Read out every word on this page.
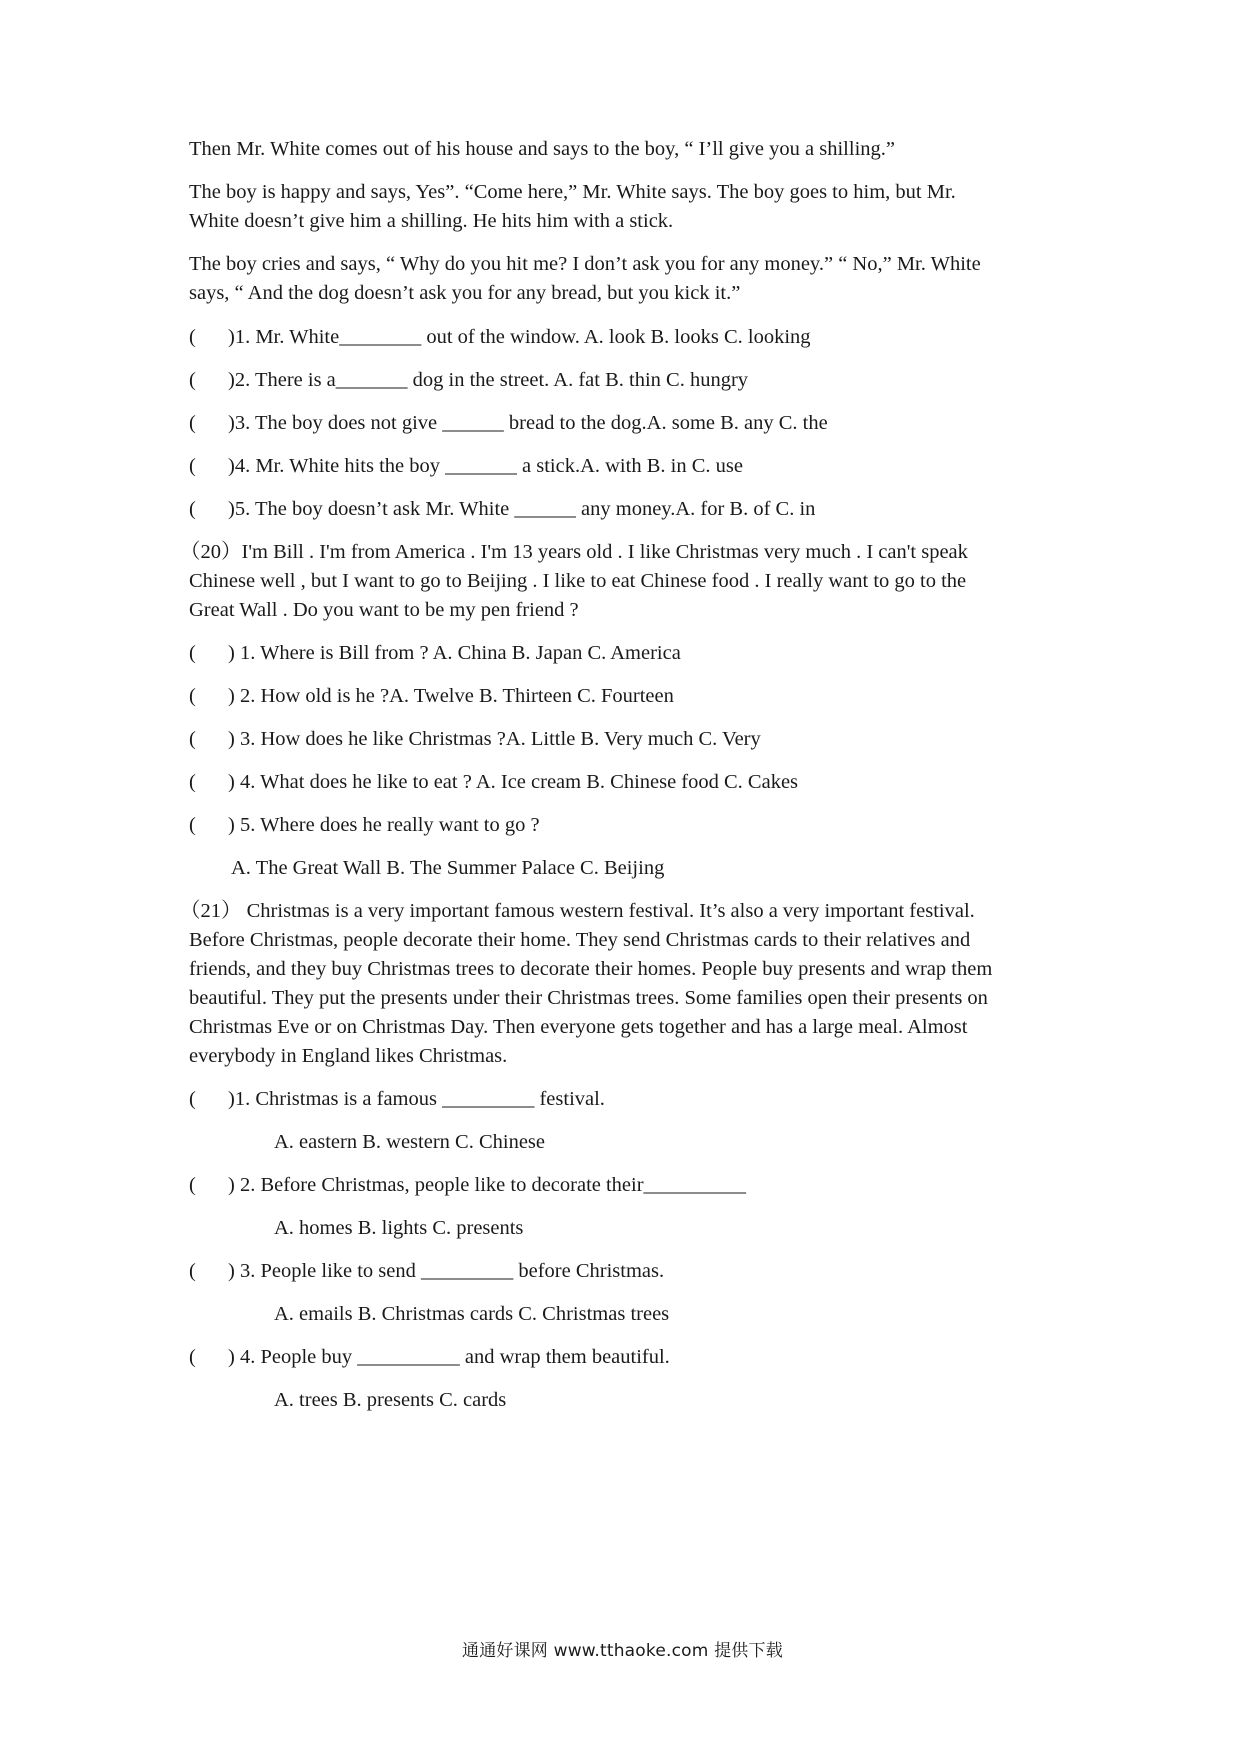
Then Mr. White comes out of his house and says to the boy, “ I’ll give you a shilling.”
The boy is happy and says, Yes”. “Come here,” Mr. White says. The boy goes to him, but Mr.
White doesn’t give him a shilling. He hits him with a stick.
The boy cries and says, “ Why do you hit me? I don’t ask you for any money.” “ No,” Mr. White
says, “ And the dog doesn’t ask you for any bread, but you kick it.”
( )1. Mr. White________ out of the window. A. look B. looks C. looking
( )2. There is a_______ dog in the street. A. fat B. thin C. hungry
( )3. The boy does not give ______ bread to the dog.A. some B. any C. the
( )4. Mr. White hits the boy _______ a stick.A. with B. in C. use
( )5. The boy doesn’t ask Mr. White ______ any money.A. for B. of C. in
（20）I'm Bill . I'm from America . I'm 13 years old . I like Christmas very much . I can't speak
Chinese well , but I want to go to Beijing . I like to eat Chinese food . I really want to go to the
Great Wall . Do you want to be my pen friend ?
( ) 1. Where is Bill from ? A. China B. Japan C. America
( ) 2. How old is he ?A. Twelve B. Thirteen C. Fourteen
( ) 3. How does he like Christmas ?A. Little B. Very much C. Very
( ) 4. What does he like to eat ? A. Ice cream B. Chinese food C. Cakes
( ) 5. Where does he really want to go ?
A. The Great Wall B. The Summer Palace C. Beijing
（21） Christmas is a very important famous western festival. It’s also a very important festival.
Before Christmas, people decorate their home. They send Christmas cards to their relatives and
friends, and they buy Christmas trees to decorate their homes. People buy presents and wrap them
beautiful. They put the presents under their Christmas trees. Some families open their presents on
Christmas Eve or on Christmas Day. Then everyone gets together and has a large meal. Almost
everybody in England likes Christmas.
( )1. Christmas is a famous _________ festival.
A. eastern B. western C. Chinese
( ) 2. Before Christmas, people like to decorate their__________
A. homes B. lights C. presents
( ) 3. People like to send _________ before Christmas.
A. emails B. Christmas cards C. Christmas trees
( ) 4. People buy __________ and wrap them beautiful.
A. trees B. presents C. cards
通通好课网 www.tthaoke.com 提供下载
